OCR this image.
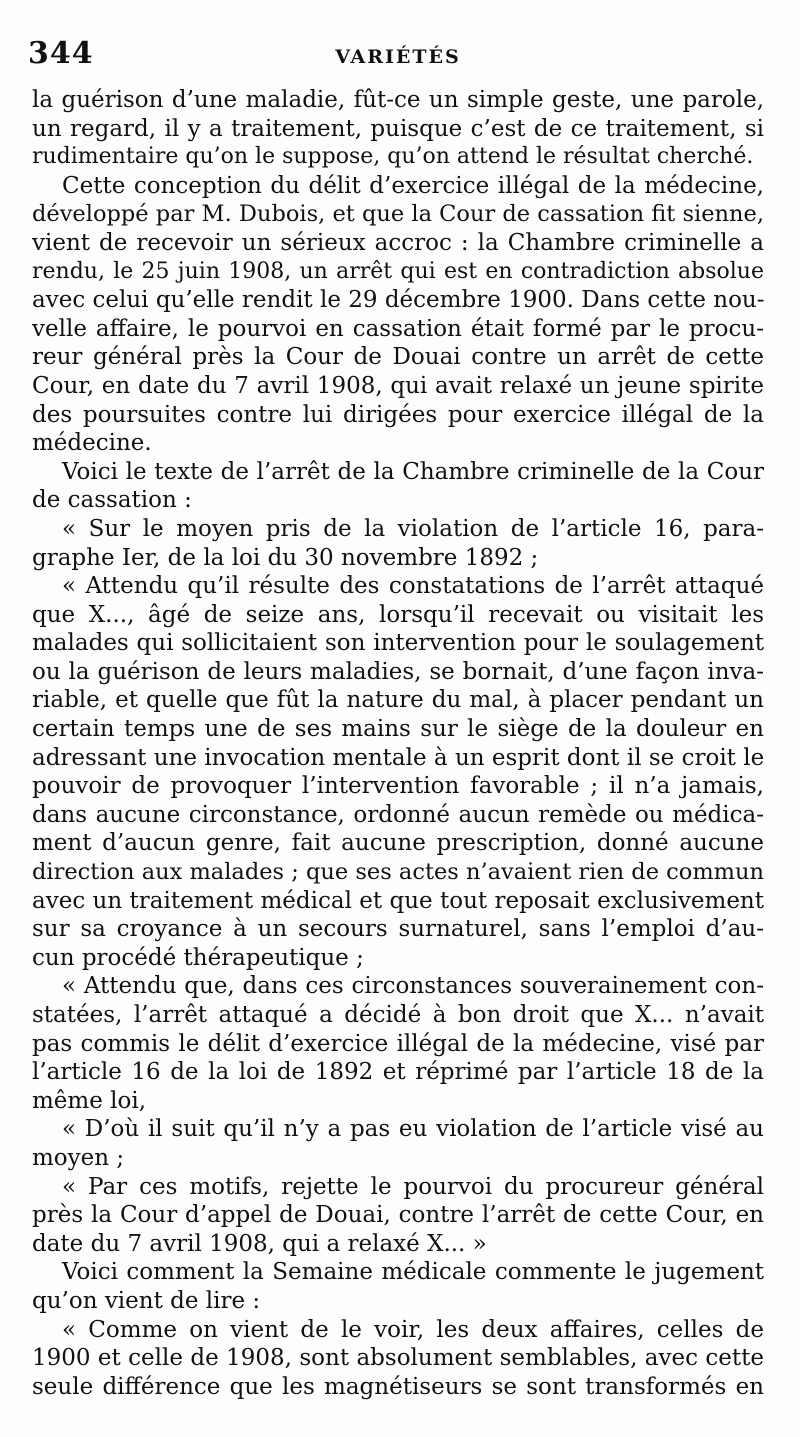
344	VARIÉTÉS
la guérison d’une maladie, fût-ce un simple geste, une parole,
un regard, il y a traitement, puisque c’est de ce traitement, si
rudimentaire qu’on le suppose, qu’on attend le résultat cherché.
Cette conception du délit d’exercice illégal de la médecine,
développé par M. Dubois, et que la Cour de cassation fit sienne,
vient de recevoir un sérieux accroc : la Chambre criminelle a
rendu, le 25 juin 1908, un arrêt qui est en contradiction absolue
avec celui qu’elle rendit le 29 décembre 1900. Dans cette nou-
velle affaire, le pourvoi en cassation était formé par le procu-
reur général près la Cour de Douai contre un arrêt de cette
Cour, en date du 7 avril 1908, qui avait relaxé un jeune spirite
des poursuites contre lui dirigées pour exercice illégal de la
médecine.
Voici le texte de l’arrêt de la Chambre criminelle de la Cour
de cassation :
« Sur le moyen pris de la violation de l’article 16, para-
graphe Ier, de la loi du 30 novembre 1892 ;
« Attendu qu’il résulte des constatations de l’arrêt attaqué
que X..., âgé de seize ans, lorsqu’il recevait ou visitait les
malades qui sollicitaient son intervention pour le soulagement
ou la guérison de leurs maladies, se bornait, d’une façon inva-
riable, et quelle que fût la nature du mal, à placer pendant un
certain temps une de ses mains sur le siège de la douleur en
adressant une invocation mentale à un esprit dont il se croit le
pouvoir de provoquer l’intervention favorable ; il n’a jamais,
dans aucune circonstance, ordonné aucun remède ou médica-
ment d’aucun genre, fait aucune prescription, donné aucune
direction aux malades ; que ses actes n’avaient rien de commun
avec un traitement médical et que tout reposait exclusivement
sur sa croyance à un secours surnaturel, sans l’emploi d’au-
cun procédé thérapeutique ;
« Attendu que, dans ces circonstances souverainement con-
statées, l’arrêt attaqué a décidé à bon droit que X... n’avait
pas commis le délit d’exercice illégal de la médecine, visé par
l’article 16 de la loi de 1892 et réprimé par l’article 18 de la
même loi,
« D’où il suit qu’il n’y a pas eu violation de l’article visé au
moyen ;
« Par ces motifs, rejette le pourvoi du procureur général
près la Cour d’appel de Douai, contre l’arrêt de cette Cour, en
date du 7 avril 1908, qui a relaxé X... »
Voici comment la Semaine médicale commente le jugement
qu’on vient de lire :
« Comme on vient de le voir, les deux affaires, celles de
1900 et celle de 1908, sont absolument semblables, avec cette
seule différence que les magnétiseurs se sont transformés en
